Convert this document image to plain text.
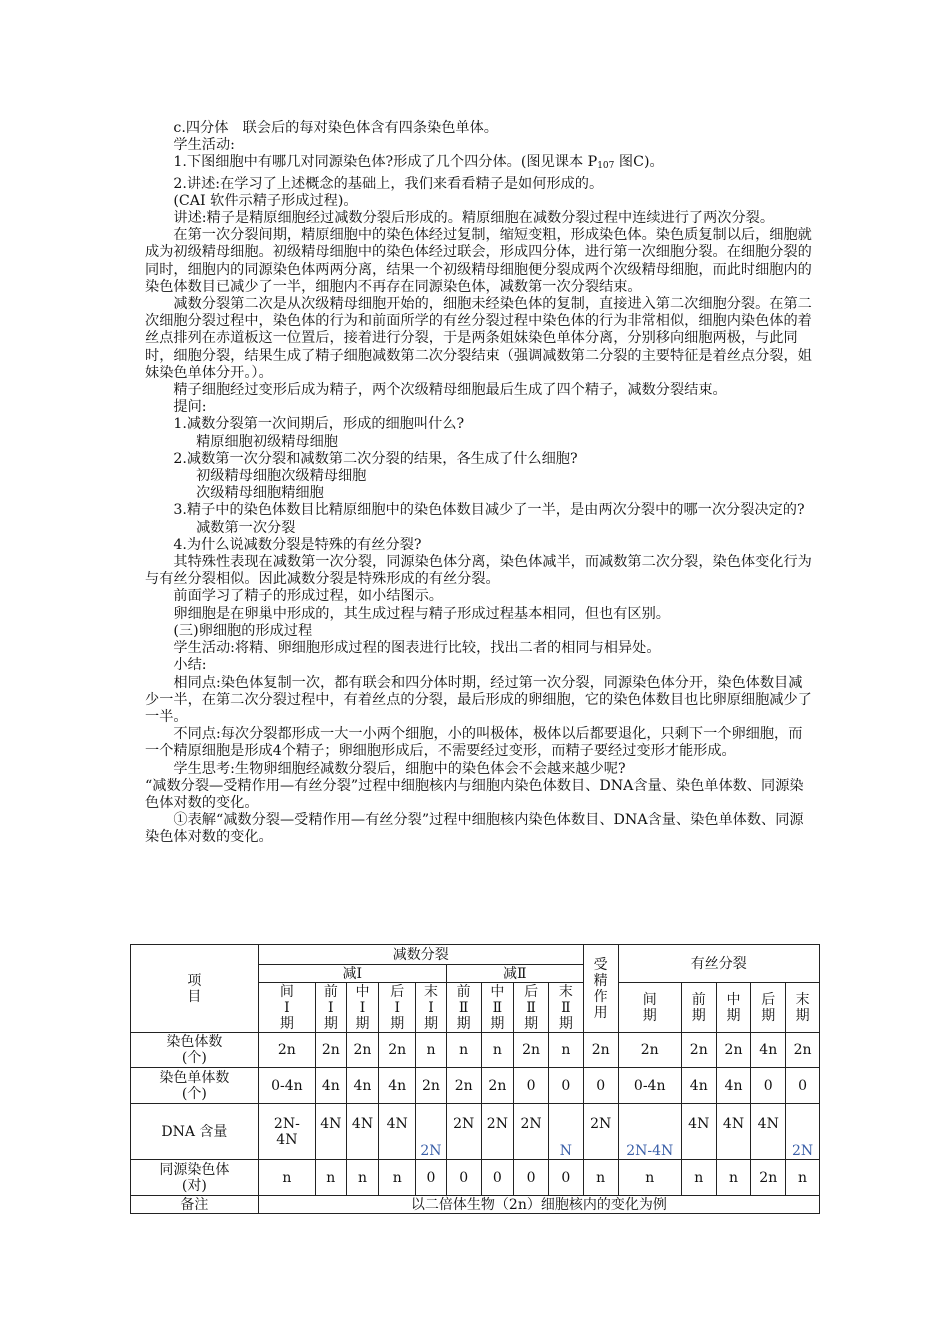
c.四分体　联会后的每对染色体含有四条染色单体。

学生活动:

1.下图细胞中有哪几对同源染色体?形成了几个四分体。(图见课本 $P_{107}$ 图C)。

2.讲述:在学习了上述概念的基础上，我们来看看精子是如何形成的。

(CAI 软件示精子形成过程)。

讲述:精子是精原细胞经过减数分裂后形成的。精原细胞在减数分裂过程中连续进行了两次分裂。

在第一次分裂间期，精原细胞中的染色体经过复制，缩短变粗，形成染色体。染色质复制以后，细胞就成为初级精母细胞。初级精母细胞中的染色体经过联会，形成四分体，进行第一次细胞分裂。在细胞分裂的同时，细胞内的同源染色体两两分离，结果一个初级精母细胞便分裂成两个次级精母细胞，而此时细胞内的染色体数目已减少了一半，细胞内不再存在同源染色体，减数第一次分裂结束。

减数分裂第二次是从次级精母细胞开始的，细胞未经染色体的复制，直接进入第二次细胞分裂。在第二次细胞分裂过程中，染色体的行为和前面所学的有丝分裂过程中染色体的行为非常相似，细胞内染色体的着丝点排列在赤道板这一位置后，接着进行分裂，于是两条姐妹染色单体分离，分别移向细胞两极，与此同时，细胞分裂，结果生成了精子细胞减数第二次分裂结束（强调减数第二分裂的主要特征是着丝点分裂，姐妹染色单体分开。）。

精子细胞经过变形后成为精子，两个次级精母细胞最后生成了四个精子，减数分裂结束。

提问:

1.减数分裂第一次间期后，形成的细胞叫什么?

精原细胞初级精母细胞

2.减数第一次分裂和减数第二次分裂的结果，各生成了什么细胞?

初级精母细胞次级精母细胞

次级精母细胞精细胞

3.精子中的染色体数目比精原细胞中的染色体数目减少了一半，是由两次分裂中的哪一次分裂决定的?

减数第一次分裂

4.为什么说减数分裂是特殊的有丝分裂?

其特殊性表现在减数第一次分裂，同源染色体分离，染色体减半，而减数第二次分裂，染色体变化行为与有丝分裂相似。因此减数分裂是特殊形成的有丝分裂。

前面学习了精子的形成过程，如小结图示。

卵细胞是在卵巢中形成的，其生成过程与精子形成过程基本相同，但也有区别。

(三)卵细胞的形成过程

学生活动:将精、卵细胞形成过程的图表进行比较，找出二者的相同与相异处。

小结:

相同点:染色体复制一次，都有联会和四分体时期，经过第一次分裂，同源染色体分开，染色体数目减少一半，在第二次分裂过程中，有着丝点的分裂，最后形成的卵细胞，它的染色体数目也比卵原细胞减少了一半。

不同点:每次分裂都形成一大一小两个细胞，小的叫极体，极体以后都要退化，只剩下一个卵细胞，而一个精原细胞是形成4个精子；卵细胞形成后，不需要经过变形，而精子要经过变形才能形成。

学生思考:生物卵细胞经减数分裂后，细胞中的染色体会不会越来越少呢?

“减数分裂—受精作用—有丝分裂”过程中细胞核内与细胞内染色体数目、DNA含量、染色单体数、同源染色体对数的变化。

①表解“减数分裂—受精作用—有丝分裂”过程中细胞核内染色体数目、DNA含量、染色单体数、同源染色体对数的变化。

项
目	减数分裂									受
精
作
用	有丝分裂				
	减Ⅰ					减Ⅱ									
	间
Ⅰ
期	前
Ⅰ
期	中
Ⅰ
期	后
Ⅰ
期	末
Ⅰ
期	前
Ⅱ
期	中
Ⅱ
期	后
Ⅱ
期	末
Ⅱ
期		间
期	前
期	中
期	后
期	末
期
染色体数
(个)	2n	2n	2n	2n	n	n	n	2n	n	2n	2n	2n	2n	4n	2n
染色单体数
(个)	0-4n	4n	4n	4n	2n	2n	2n	0	0	0	0-4n	4n	4n	0	0
DNA 含量	2N-
4N	4N	4N	4N	2N	2N	2N	2N	N	2N	2N-4N	4N	4N	4N	2N
同源染色体
(对)	n	n	n	n	0	0	0	0	0	n	n	n	n	2n	n
备注	以二倍体生物（2n）细胞核内的变化为例														
